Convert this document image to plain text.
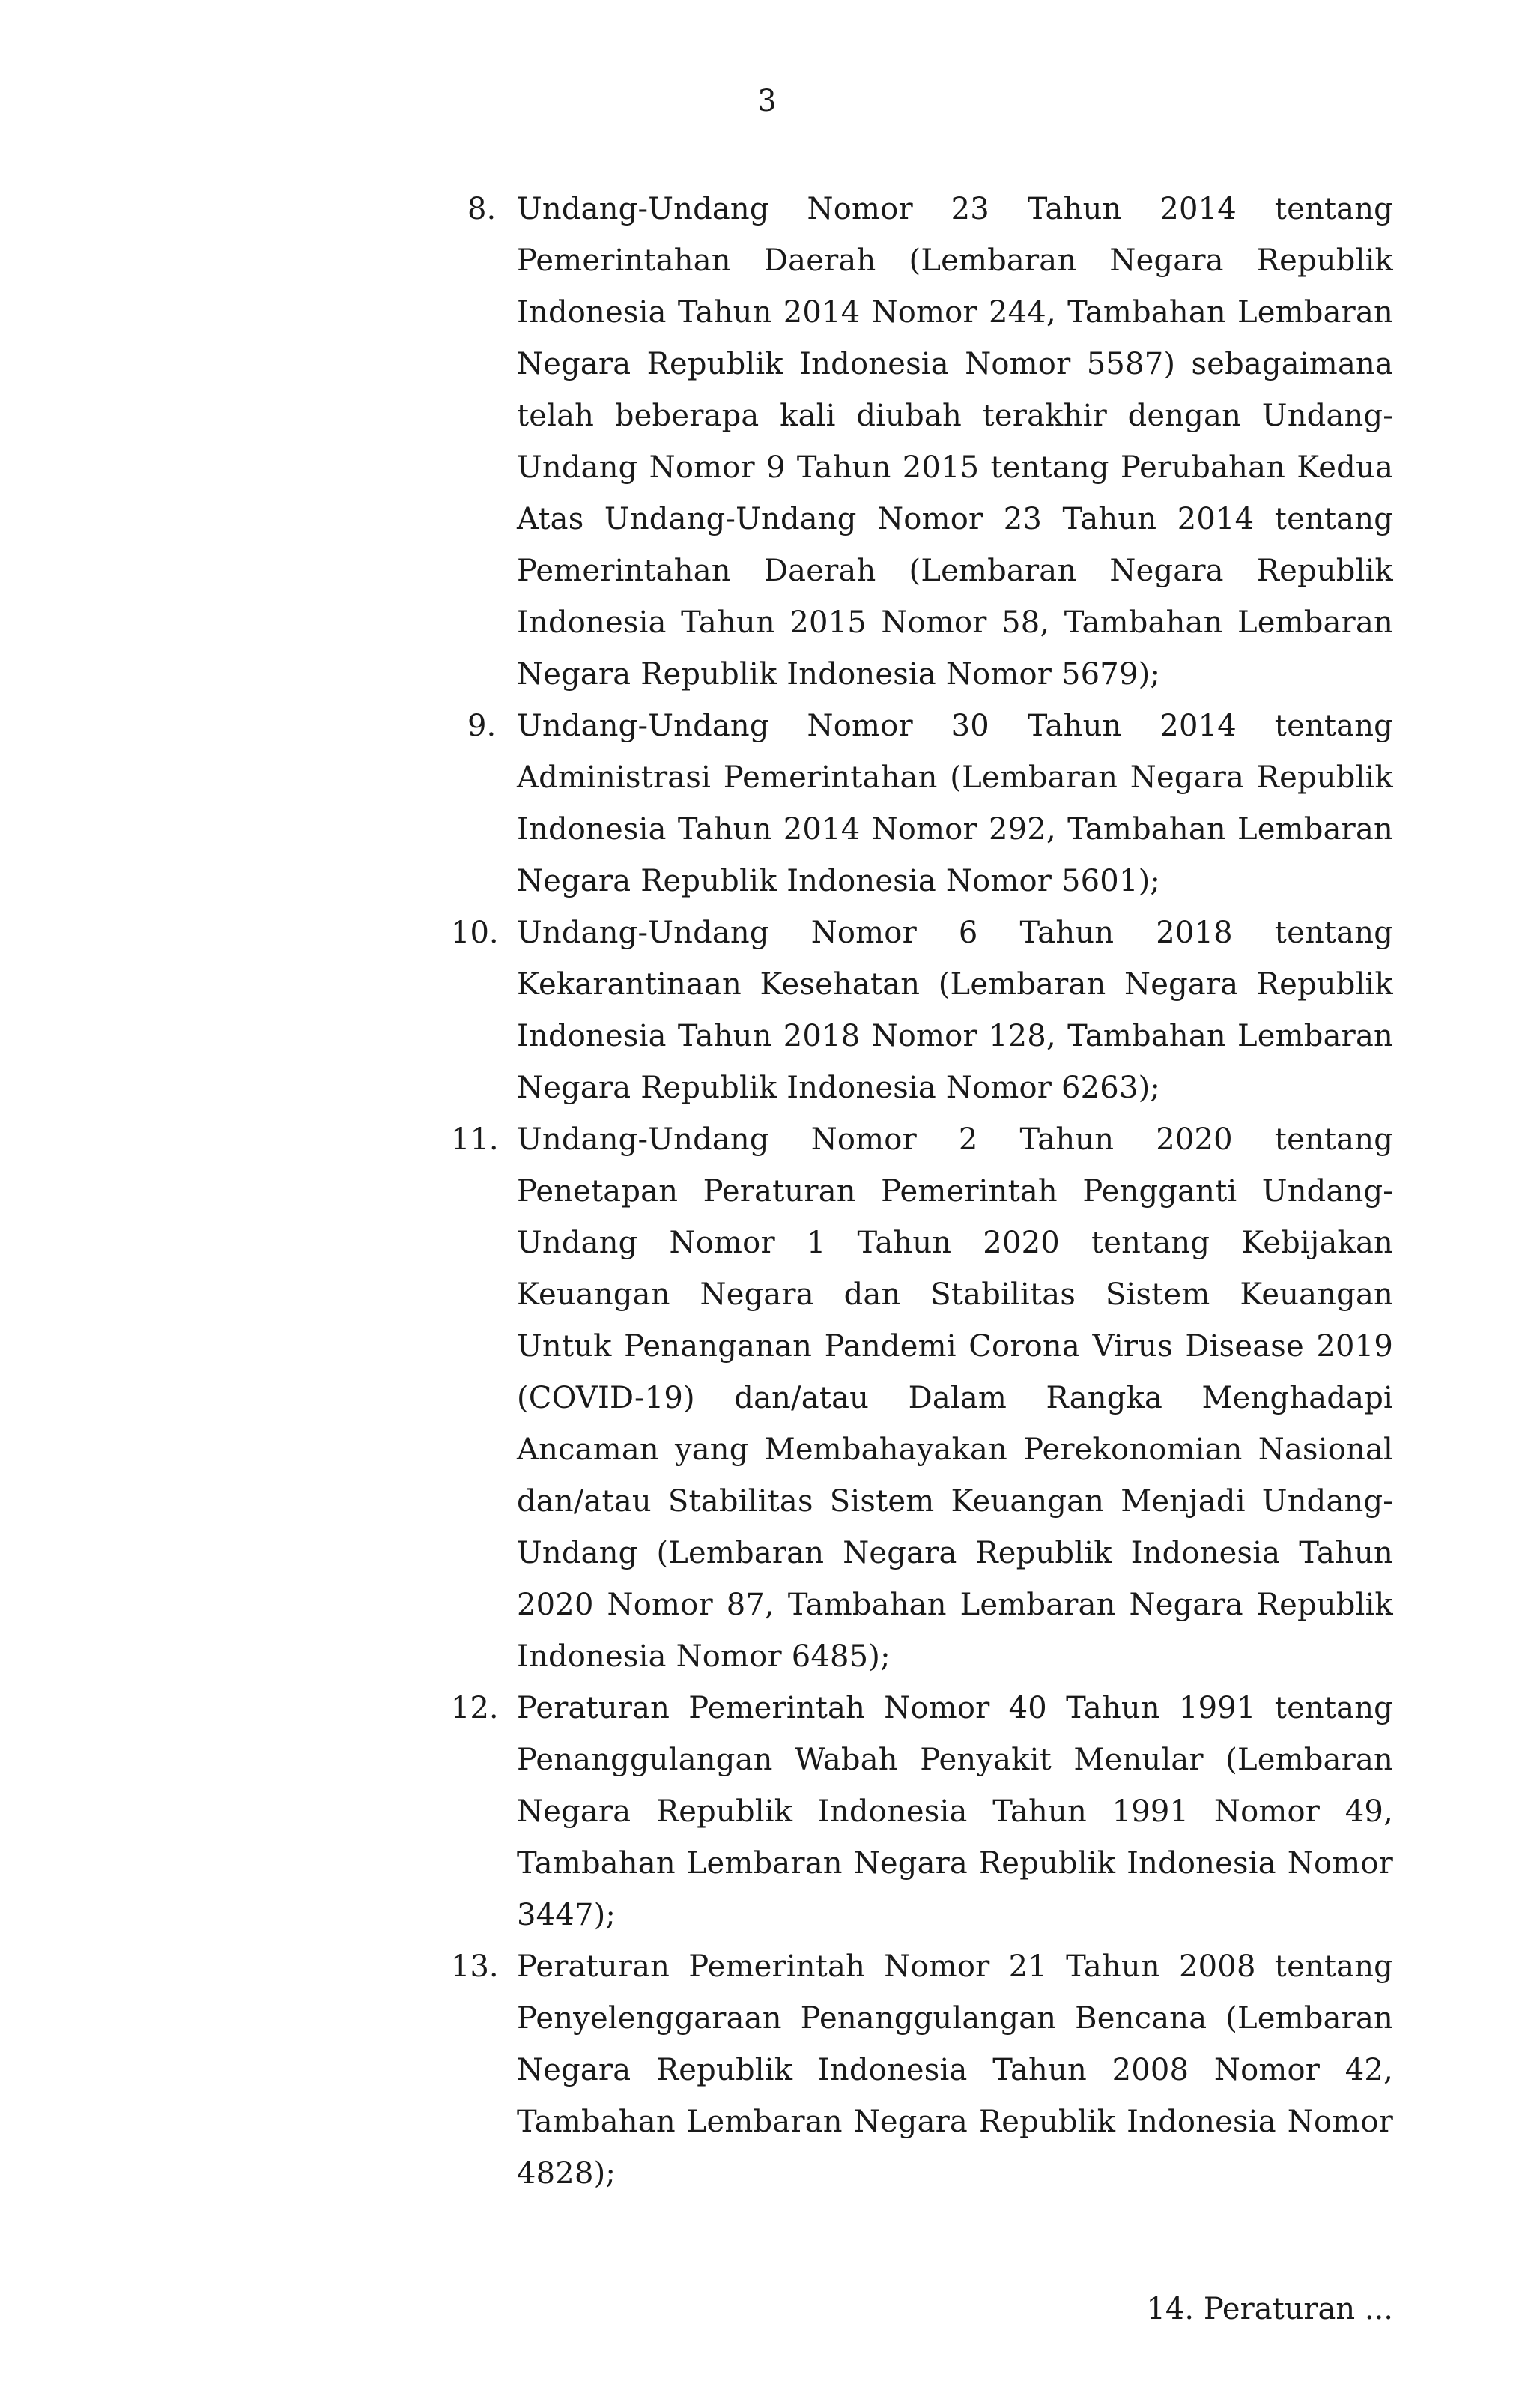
3
8. Undang-Undang Nomor 23 Tahun 2014 tentang Pemerintahan Daerah (Lembaran Negara Republik Indonesia Tahun 2014 Nomor 244, Tambahan Lembaran Negara Republik Indonesia Nomor 5587) sebagaimana telah beberapa kali diubah terakhir dengan Undang-Undang Nomor 9 Tahun 2015 tentang Perubahan Kedua Atas Undang-Undang Nomor 23 Tahun 2014 tentang Pemerintahan Daerah (Lembaran Negara Republik Indonesia Tahun 2015 Nomor 58, Tambahan Lembaran Negara Republik Indonesia Nomor 5679);
9. Undang-Undang Nomor 30 Tahun 2014 tentang Administrasi Pemerintahan (Lembaran Negara Republik Indonesia Tahun 2014 Nomor 292, Tambahan Lembaran Negara Republik Indonesia Nomor 5601);
10. Undang-Undang Nomor 6 Tahun 2018 tentang Kekarantinaan Kesehatan (Lembaran Negara Republik Indonesia Tahun 2018 Nomor 128, Tambahan Lembaran Negara Republik Indonesia Nomor 6263);
11. Undang-Undang Nomor 2 Tahun 2020 tentang Penetapan Peraturan Pemerintah Pengganti Undang-Undang Nomor 1 Tahun 2020 tentang Kebijakan Keuangan Negara dan Stabilitas Sistem Keuangan Untuk Penanganan Pandemi Corona Virus Disease 2019 (COVID-19) dan/atau Dalam Rangka Menghadapi Ancaman yang Membahayakan Perekonomian Nasional dan/atau Stabilitas Sistem Keuangan Menjadi Undang-Undang (Lembaran Negara Republik Indonesia Tahun 2020 Nomor 87, Tambahan Lembaran Negara Republik Indonesia Nomor 6485);
12. Peraturan Pemerintah Nomor 40 Tahun 1991 tentang Penanggulangan Wabah Penyakit Menular (Lembaran Negara Republik Indonesia Tahun 1991 Nomor 49, Tambahan Lembaran Negara Republik Indonesia Nomor 3447);
13. Peraturan Pemerintah Nomor 21 Tahun 2008 tentang Penyelenggaraan Penanggulangan Bencana (Lembaran Negara Republik Indonesia Tahun 2008 Nomor 42, Tambahan Lembaran Negara Republik Indonesia Nomor 4828);
14. Peraturan ...
